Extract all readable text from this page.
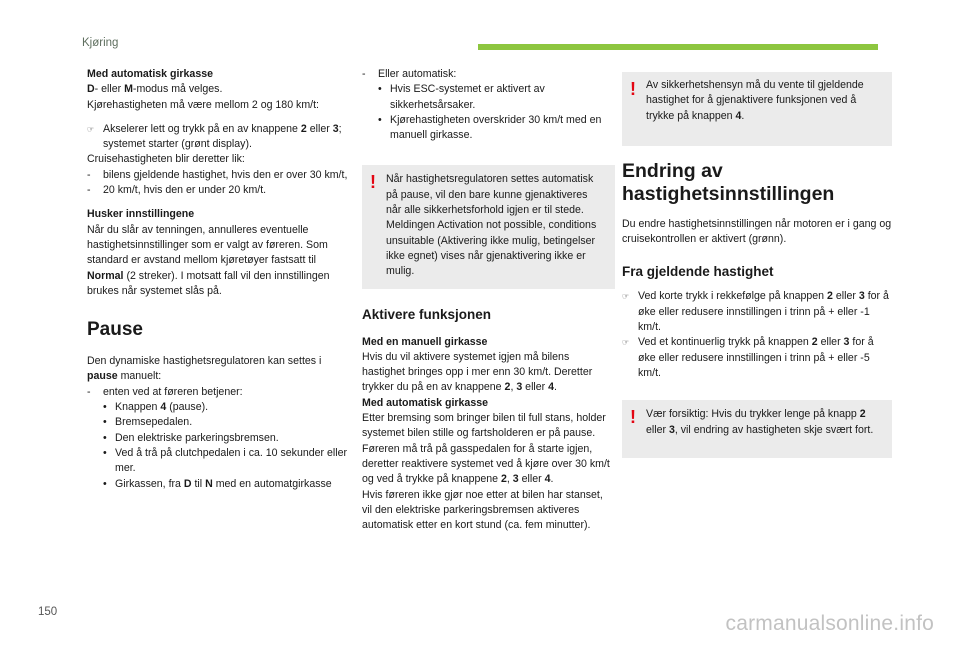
Kjøring

Med automatisk girkasse

D- eller M-modus må velges.

Kjørehastigheten må være mellom 2 og 180 km/t:

☞ Akselerer lett og trykk på en av knappene 2 eller 3; systemet starter (grønt display).

Cruisehastigheten blir deretter lik:

-	bilens gjeldende hastighet, hvis den er over 30 km/t,

-	20 km/t, hvis den er under 20 km/t.

Husker innstillingene

Når du slår av tenningen, annulleres eventuelle hastighetsinnstillinger som er valgt av føreren. Som standard er avstand mellom kjøretøyer fastsatt til Normal (2 streker). I motsatt fall vil den innstillingen brukes når systemet slås på.

Pause

Den dynamiske hastighetsregulatoren kan settes i pause manuelt:

-	enten ved at føreren betjener:

• Knappen 4 (pause).

• Bremsepedalen.

• Den elektriske parkeringsbremsen.

• Ved å trå på clutchpedalen i ca. 10 sekunder eller mer.

• Girkassen, fra D til N med en automatgirkasse

-	Eller automatisk:

• Hvis ESC-systemet er aktivert av sikkerhetsårsaker.

• Kjørehastigheten overskrider 30 km/t med en manuell girkasse.

! Når hastighetsregulatoren settes automatisk på pause, vil den bare kunne gjenaktiveres når alle sikkerhetsforhold igjen er til stede. Meldingen Activation not possible, conditions unsuitable (Aktivering ikke mulig, betingelser ikke egnet) vises når gjenaktivering ikke er mulig.

Aktivere funksjonen

Med en manuell girkasse

Hvis du vil aktivere systemet igjen må bilens hastighet bringes opp i mer enn 30 km/t. Deretter trykker du på en av knappene 2, 3 eller 4.

Med automatisk girkasse

Etter bremsing som bringer bilen til full stans, holder systemet bilen stille og fartsholderen er på pause.

Føreren må trå på gasspedalen for å starte igjen, deretter reaktivere systemet ved å kjøre over 30 km/t og ved å trykke på knappene 2, 3 eller 4.

Hvis føreren ikke gjør noe etter at bilen har stanset, vil den elektriske parkeringsbremsen aktiveres automatisk etter en kort stund (ca. fem minutter).

! Av sikkerhetshensyn må du vente til gjeldende hastighet for å gjenaktivere funksjonen ved å trykke på knappen 4.

Endring av hastighetsinnstillingen

Du endre hastighetsinnstillingen når motoren er i gang og cruisekontrollen er aktivert (grønn).

Fra gjeldende hastighet
☞ Ved korte trykk i rekkefølge på knappen 2 eller 3 for å øke eller redusere innstillingen i trinn på + eller -1 km/t.

☞ Ved et kontinuerlig trykk på knappen 2 eller 3 for å øke eller redusere innstillingen i trinn på + eller -5 km/t.

! Vær forsiktig: Hvis du trykker lenge på knapp 2 eller 3, vil endring av hastigheten skje svært fort.

150	carmanualsonline.info
